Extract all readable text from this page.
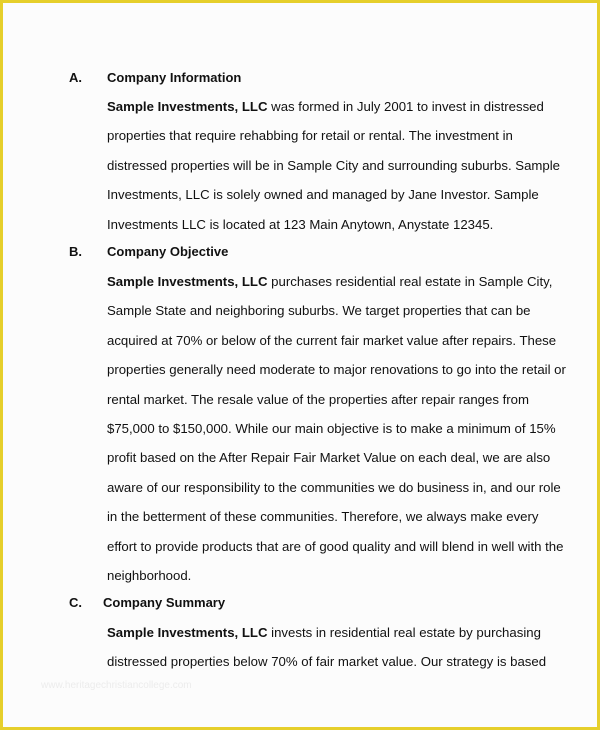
A. Company Information
Sample Investments, LLC was formed in July 2001 to invest in distressed
properties that require rehabbing for retail or rental. The investment in
distressed properties will be in Sample City and surrounding suburbs. Sample
Investments, LLC is solely owned and managed by Jane Investor. Sample
Investments LLC is located at 123 Main Anytown, Anystate 12345.
B. Company Objective
Sample Investments, LLC purchases residential real estate in Sample City,
Sample State and neighboring suburbs. We target properties that can be
acquired at 70% or below of the current fair market value after repairs. These
properties generally need moderate to major renovations to go into the retail or
rental market. The resale value of the properties after repair ranges from
$75,000 to $150,000. While our main objective is to make a minimum of 15%
profit based on the After Repair Fair Market Value on each deal, we are also
aware of our responsibility to the communities we do business in, and our role
in the betterment of these communities. Therefore, we always make every
effort to provide products that are of good quality and will blend in well with the
neighborhood.
C. Company Summary
Sample Investments, LLC invests in residential real estate by purchasing
distressed properties below 70% of fair market value. Our strategy is based
www.heritagechristiancollege.com
